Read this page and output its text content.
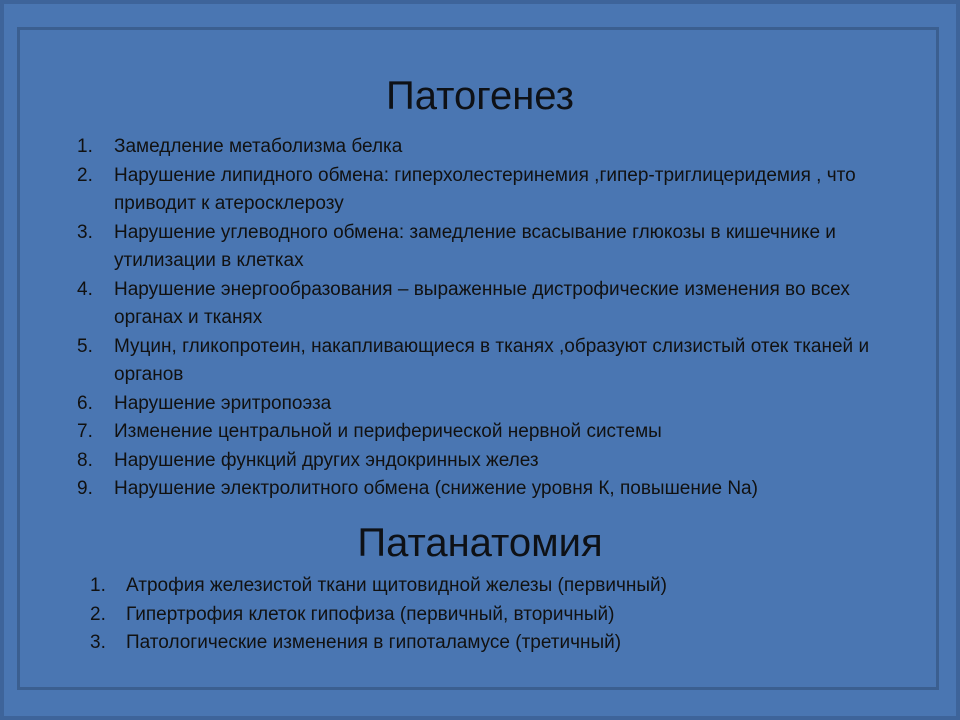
Патогенез
1.	Замедление метаболизма белка
2.	Нарушение липидного обмена: гиперхолестеринемия ,гипер-триглицеридемия , что приводит к атеросклерозу
3.	Нарушение углеводного обмена: замедление всасывание глюкозы в кишечнике и утилизации в клетках
4.	Нарушение энергообразования – выраженные дистрофические изменения во всех органах и тканях
5.	Муцин, гликопротеин, накапливающиеся в тканях ,образуют слизистый отек тканей и органов
6.	Нарушение эритропоэза
7.	Изменение центральной и периферической нервной системы
8.	Нарушение функций других эндокринных желез
9.	Нарушение электролитного обмена (снижение уровня К, повышение Na)
Патанатомия
1.	Атрофия железистой ткани щитовидной железы (первичный)
2.	Гипертрофия клеток гипофиза (первичный, вторичный)
3.	Патологические изменения в гипоталамусе (третичный)
